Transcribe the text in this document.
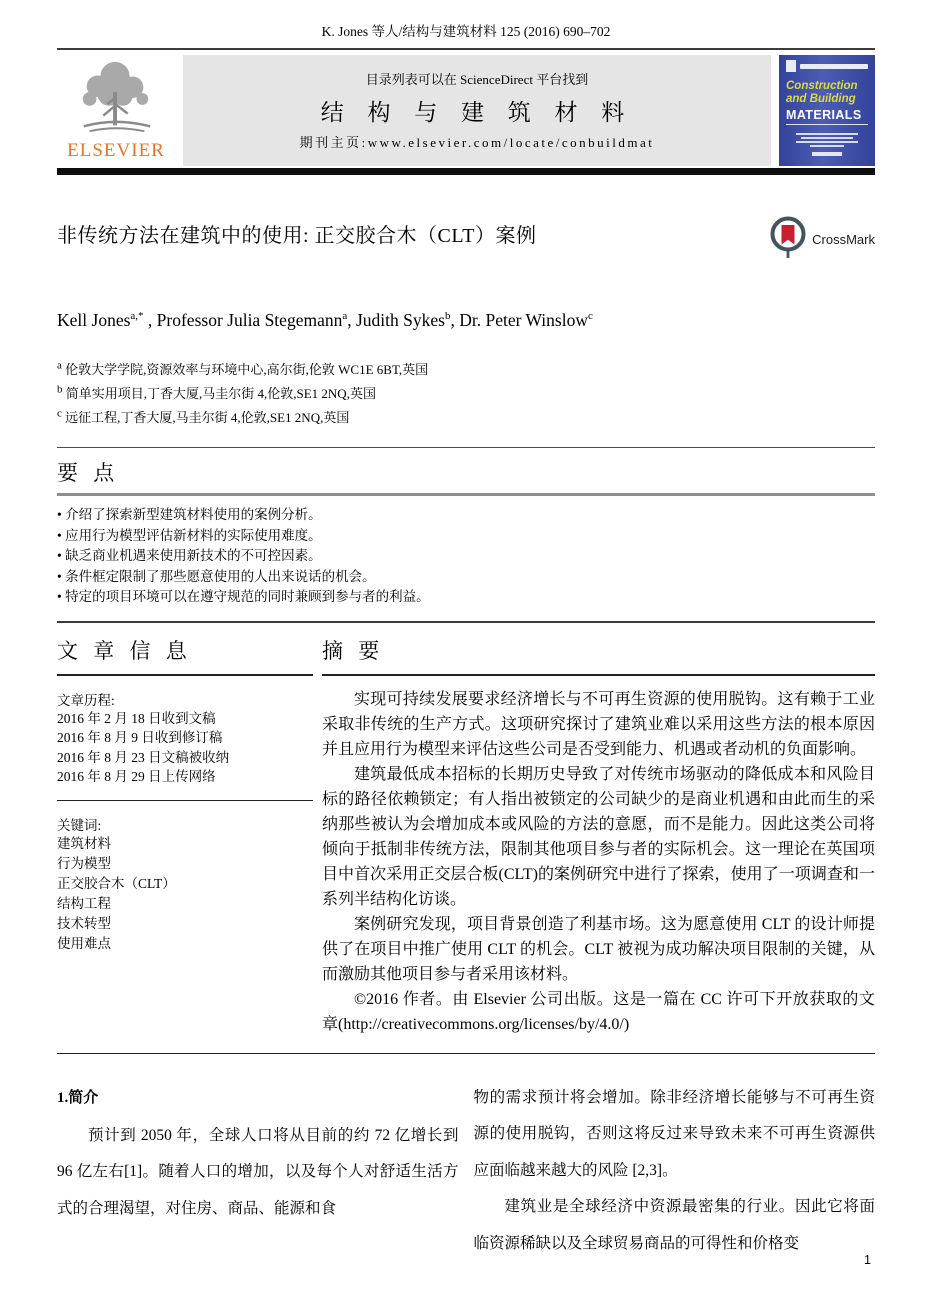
K. Jones 等人/结构与建筑材料 125 (2016) 690–702
ELSEVIER
目录列表可以在 ScienceDirect 平台找到
结 构 与 建 筑 材 料
期刊主页:www.elsevier.com/locate/conbuildmat
Construction
and Building
MATERIALS
非传统方法在建筑中的使用: 正交胶合木（CLT）案例	CrossMark
Kell Jones$^{a,*}$ , Professor Julia Stegemann$^a$, Judith Sykes$^b$, Dr. Peter Winslow$^c$
$^a$ 伦敦大学学院,资源效率与环境中心,高尔街,伦敦 WC1E 6BT,英国
$^b$ 简单实用项目,丁香大厦,马圭尔街 4,伦敦,SE1 2NQ,英国
$^c$ 远征工程,丁香大厦,马圭尔街 4,伦敦,SE1 2NQ,英国
要 点
• 介绍了探索新型建筑材料使用的案例分析。
• 应用行为模型评估新材料的实际使用难度。
• 缺乏商业机遇来使用新技术的不可控因素。
• 条件框定限制了那些愿意使用的人出来说话的机会。
• 特定的项目环境可以在遵守规范的同时兼顾到参与者的利益。
文 章 信 息
文章历程:
2016 年 2 月 18 日收到文稿
2016 年 8 月 9 日收到修订稿
2016 年 8 月 23 日文稿被收纳
2016 年 8 月 29 日上传网络
关键词:
建筑材料
行为模型
正交胶合木（CLT）
结构工程
技术转型
使用难点
摘 要

实现可持续发展要求经济增长与不可再生资源的使用脱钩。这有赖于工业采取非传统的生产方式。这项研究探讨了建筑业难以采用这些方法的根本原因并且应用行为模型来评估这些公司是否受到能力、机遇或者动机的负面影响。

建筑最低成本招标的长期历史导致了对传统市场驱动的降低成本和风险目标的路径依赖锁定；有人指出被锁定的公司缺少的是商业机遇和由此而生的采纳那些被认为会增加成本或风险的方法的意愿，而不是能力。因此这类公司将倾向于抵制非传统方法，限制其他项目参与者的实际机会。这一理论在英国项目中首次采用正交层合板(CLT)的案例研究中进行了探索，使用了一项调查和一系列半结构化访谈。

案例研究发现，项目背景创造了利基市场。这为愿意使用 CLT 的设计师提供了在项目中推广使用 CLT 的机会。CLT 被视为成功解决项目限制的关键，从而激励其他项目参与者采用该材料。

©2016 作者。由 Elsevier 公司出版。这是一篇在 CC 许可下开放获取的文章(http://creativecommons.org/licenses/by/4.0/)

1.简介

预计到 2050 年，全球人口将从目前的约 72 亿增长到 96 亿左右[1]。随着人口的增加，以及每个人对舒适生活方式的合理渴望，对住房、商品、能源和食

物的需求预计将会增加。除非经济增长能够与不可再生资源的使用脱钩，否则这将反过来导致未来不可再生资源供应面临越来越大的风险 [2,3]。

建筑业是全球经济中资源最密集的行业。因此它将面临资源稀缺以及全球贸易商品的可得性和价格变

1
